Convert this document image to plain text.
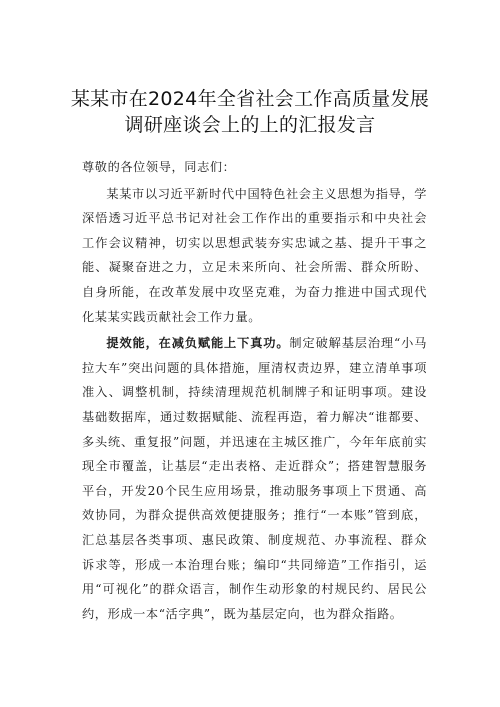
某某市在2024年全省社会工作高质量发展
调研座谈会上的上的汇报发言

尊敬的各位领导，同志们：

某某市以习近平新时代中国特色社会主义思想为指导，学深悟透习近平总书记对社会工作作出的重要指示和中央社会工作会议精神，切实以思想武装夯实忠诚之基、提升干事之能、凝聚奋进之力，立足未来所向、社会所需、群众所盼、自身所能，在改革发展中攻坚克难，为奋力推进中国式现代化某某实践贡献社会工作力量。

提效能，在减负赋能上下真功。制定破解基层治理“小马拉大车”突出问题的具体措施，厘清权责边界，建立清单事项准入、调整机制，持续清理规范机制牌子和证明事项。建设基础数据库，通过数据赋能、流程再造，着力解决“谁都要、多头统、重复报”问题，并迅速在主城区推广，今年年底前实现全市覆盖，让基层“走出表格、走近群众”；搭建智慧服务平台，开发20个民生应用场景，推动服务事项上下贯通、高效协同，为群众提供高效便捷服务；推行“一本账”管到底，汇总基层各类事项、惠民政策、制度规范、办事流程、群众诉求等，形成一本治理台账；编印“共同缔造”工作指引，运用“可视化”的群众语言，制作生动形象的村规民约、居民公约，形成一本“活字典”，既为基层定向，也为群众指路。
